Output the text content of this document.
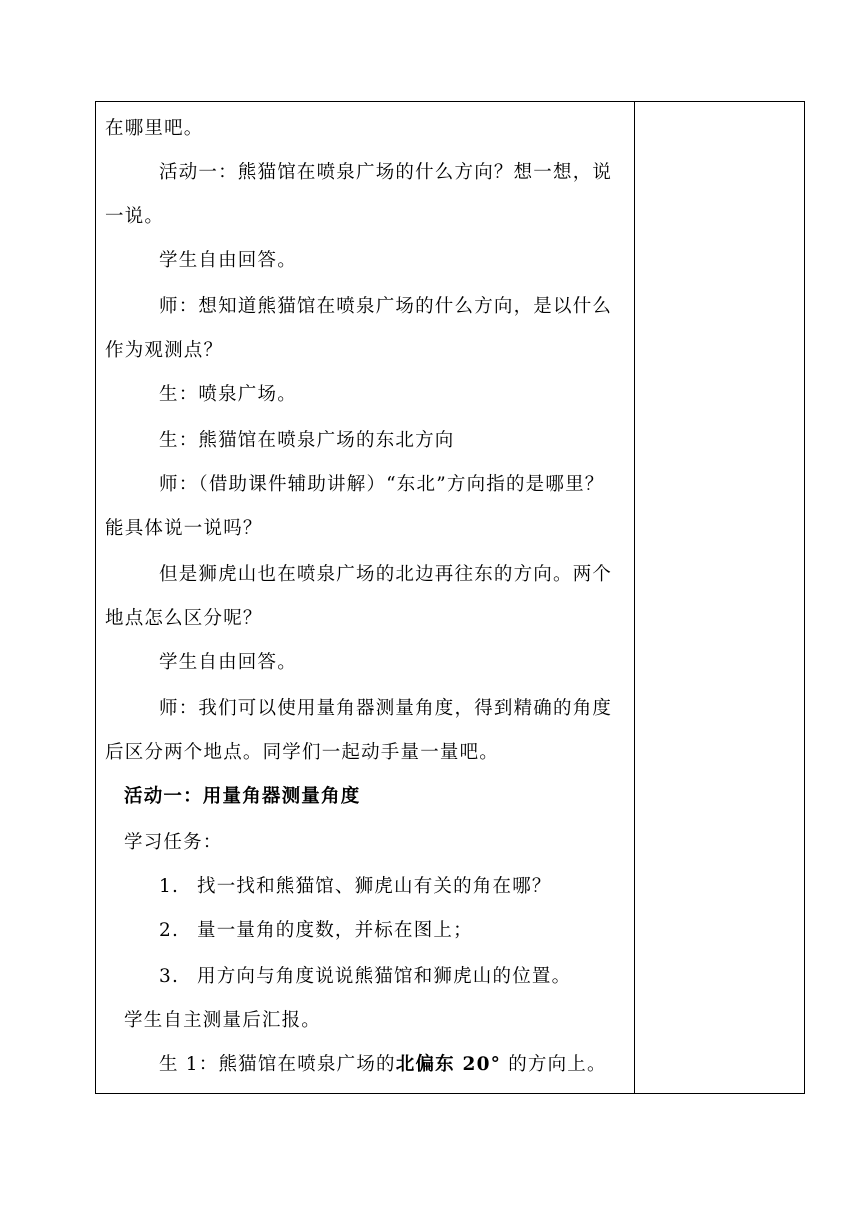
在哪里吧。
活动一：熊猫馆在喷泉广场的什么方向？想一想，说
一说。
学生自由回答。
师：想知道熊猫馆在喷泉广场的什么方向，是以什么
作为观测点？
生：喷泉广场。
生：熊猫馆在喷泉广场的东北方向
师：（借助课件辅助讲解）“东北”方向指的是哪里？
能具体说一说吗？
但是狮虎山也在喷泉广场的北边再往东的方向。两个
地点怎么区分呢？
学生自由回答。
师：我们可以使用量角器测量角度，得到精确的角度
后区分两个地点。同学们一起动手量一量吧。
活动一：用量角器测量角度
学习任务：
1. 找一找和熊猫馆、狮虎山有关的角在哪？
2. 量一量角的度数，并标在图上；
3. 用方向与角度说说熊猫馆和狮虎山的位置。
学生自主测量后汇报。
生 1：熊猫馆在喷泉广场的北偏东 20° 的方向上。
